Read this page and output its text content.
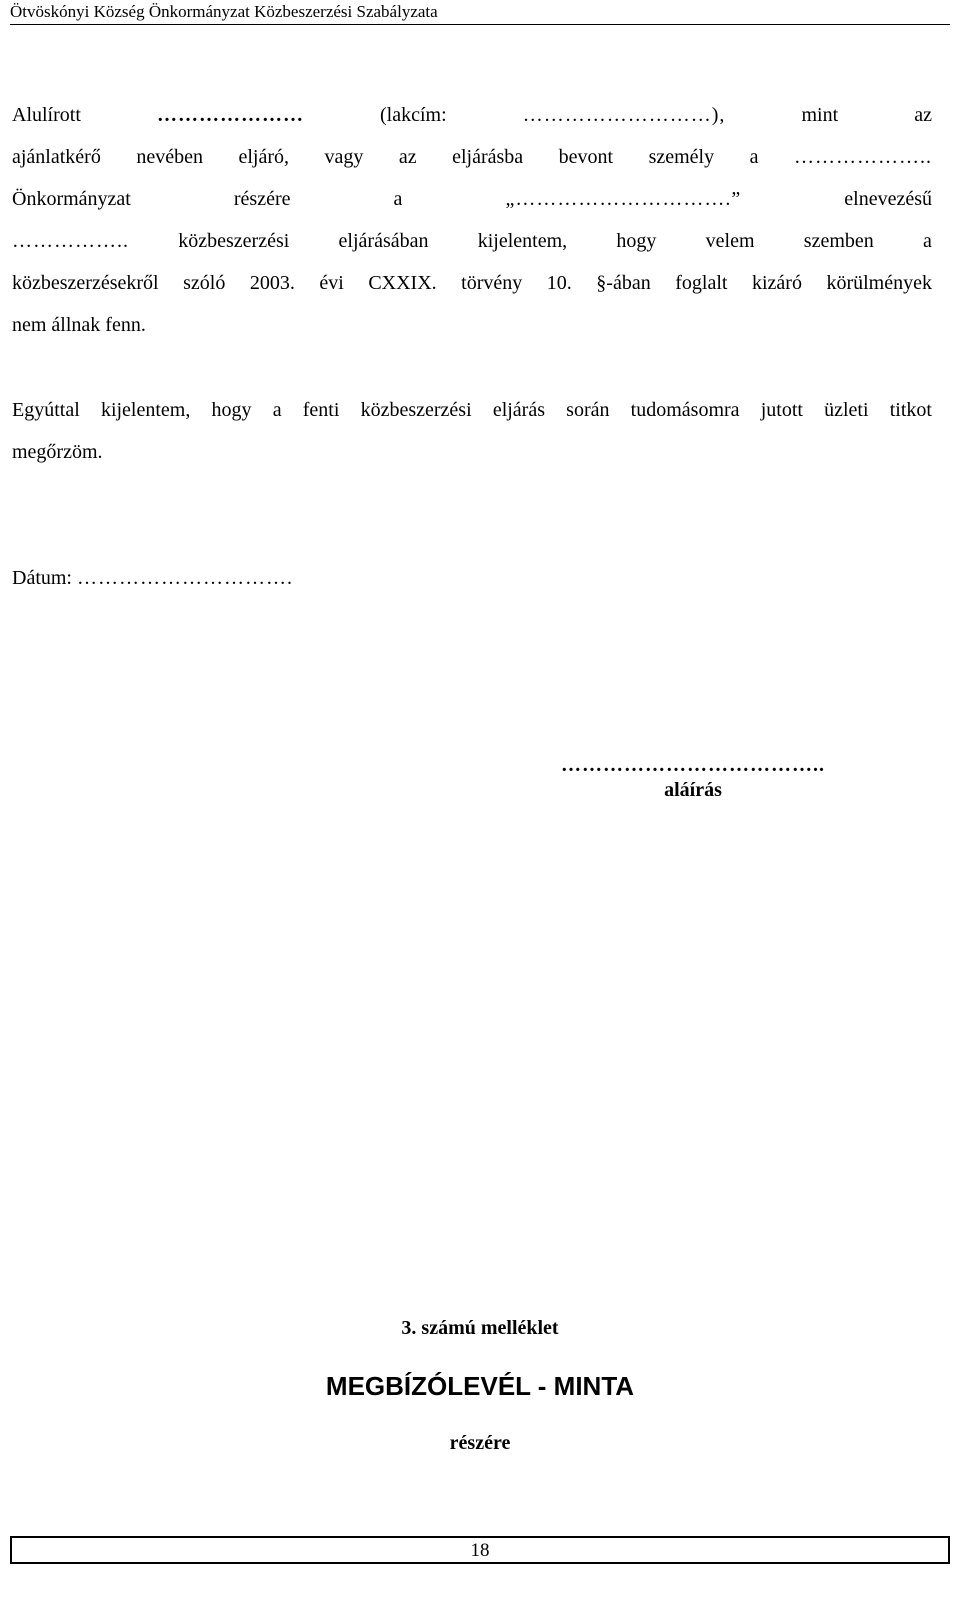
Ötvöskónyi Község Önkormányzat Közbeszerzési Szabályzata
Alulírott	…………………	(lakcím:	………………………),	mint	az
ajánlatkérő nevében eljáró, vagy az eljárásba bevont személy a ………………..
Önkormányzat	részére	a	„………………………….”	elnevezésű
…………….. közbeszerzési eljárásában kijelentem, hogy velem szemben a
közbeszerzésekről szóló 2003. évi CXXIX. törvény 10. §-ában foglalt kizáró körülmények
nem állnak fenn.
Egyúttal kijelentem, hogy a fenti közbeszerzési eljárás során tudomásomra jutott üzleti titkot
megőrzöm.
Dátum: ………………………….
………………………………..
aláírás
3. számú melléklet
MEGBÍZÓLEVÉL - MINTA
részére
18
